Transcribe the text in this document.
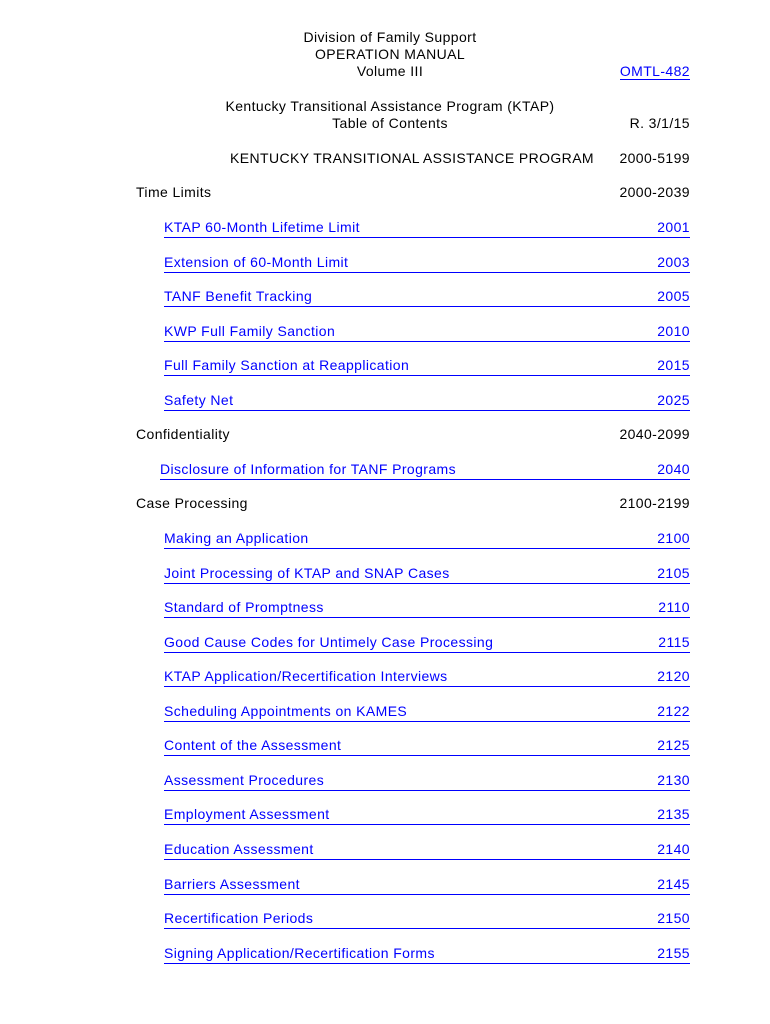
Division of Family Support
OPERATION MANUAL
Volume III	OMTL-482
Kentucky Transitional Assistance Program (KTAP)
Table of Contents	R. 3/1/15
KENTUCKY TRANSITIONAL ASSISTANCE PROGRAM 2000-5199
Time Limits	2000-2039
KTAP 60-Month Lifetime Limit	2001
Extension of 60-Month Limit	2003
TANF Benefit Tracking	2005
KWP Full Family Sanction	2010
Full Family Sanction at Reapplication	2015
Safety Net	2025
Confidentiality	2040-2099
Disclosure of Information for TANF Programs	2040
Case Processing	2100-2199
Making an Application	2100
Joint Processing of KTAP and SNAP Cases	2105
Standard of Promptness	2110
Good Cause Codes for Untimely Case Processing	2115
KTAP Application/Recertification Interviews	2120
Scheduling Appointments on KAMES	2122
Content of the Assessment	2125
Assessment Procedures	2130
Employment Assessment	2135
Education Assessment	2140
Barriers Assessment	2145
Recertification Periods	2150
Signing Application/Recertification Forms	2155
